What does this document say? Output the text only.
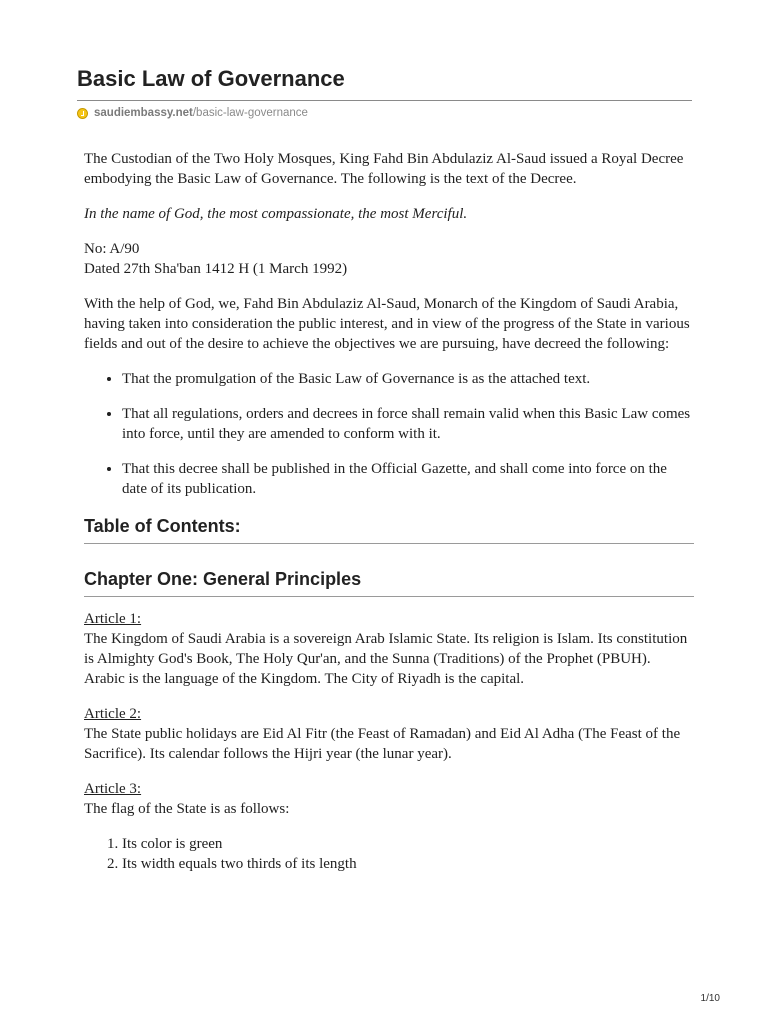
Basic Law of Governance
saudiembassy.net /basic-law-governance

The Custodian of the Two Holy Mosques, King Fahd Bin Abdulaziz Al-Saud issued a Royal Decree embodying the Basic Law of Governance. The following is the text of the Decree.

In the name of God, the most compassionate, the most Merciful.

No: A/90
Dated 27th Sha'ban 1412 H (1 March 1992)

With the help of God, we, Fahd Bin Abdulaziz Al-Saud, Monarch of the Kingdom of Saudi Arabia, having taken into consideration the public interest, and in view of the progress of the State in various fields and out of the desire to achieve the objectives we are pursuing, have decreed the following:

• That the promulgation of the Basic Law of Governance is as the attached text.
• That all regulations, orders and decrees in force shall remain valid when this Basic Law comes into force, until they are amended to conform with it.
• That this decree shall be published in the Official Gazette, and shall come into force on the date of its publication.
Table of Contents:
Chapter One: General Principles

Article 1:
The Kingdom of Saudi Arabia is a sovereign Arab Islamic State. Its religion is Islam. Its constitution is Almighty God's Book, The Holy Qur'an, and the Sunna (Traditions) of the Prophet (PBUH). Arabic is the language of the Kingdom. The City of Riyadh is the capital.

Article 2:
The State public holidays are Eid Al Fitr (the Feast of Ramadan) and Eid Al Adha (The Feast of the Sacrifice). Its calendar follows the Hijri year (the lunar year).

Article 3:
The flag of the State is as follows:

1. Its color is green
2. Its width equals two thirds of its length
1/10
